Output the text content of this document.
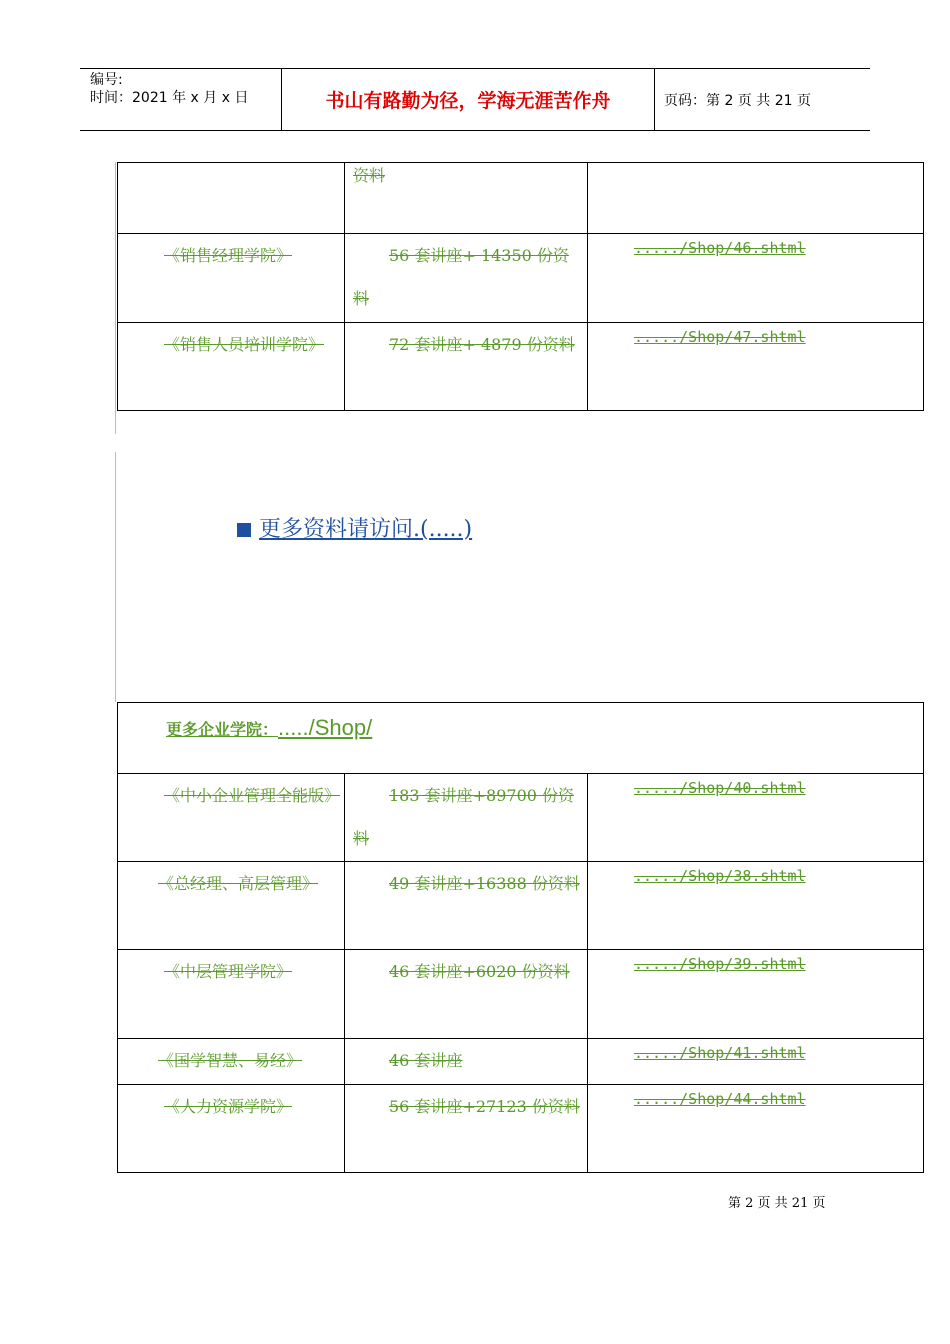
编号:
时间：2021 年 x 月 x 日	书山有路勤为径，学海无涯苦作舟	页码：第 2 页 共 21 页
	资料	
《销售经理学院》	56 套讲座+ 14350 份资料	...../Shop/46.shtml
《销售人员培训学院》	72 套讲座+ 4879 份资料	...../Shop/47.shtml
更多资料请访问.(.....)
更多企业学院：...../Shop/		
《中小企业管理全能版》	183 套讲座+89700 份资料	...../Shop/40.shtml
《总经理、高层管理》	49 套讲座+16388 份资料	...../Shop/38.shtml
《中层管理学院》	46 套讲座+6020 份资料	...../Shop/39.shtml
《国学智慧、易经》	46 套讲座	...../Shop/41.shtml
《人力资源学院》	56 套讲座+27123 份资料	...../Shop/44.shtml
第 2 页 共 21 页
